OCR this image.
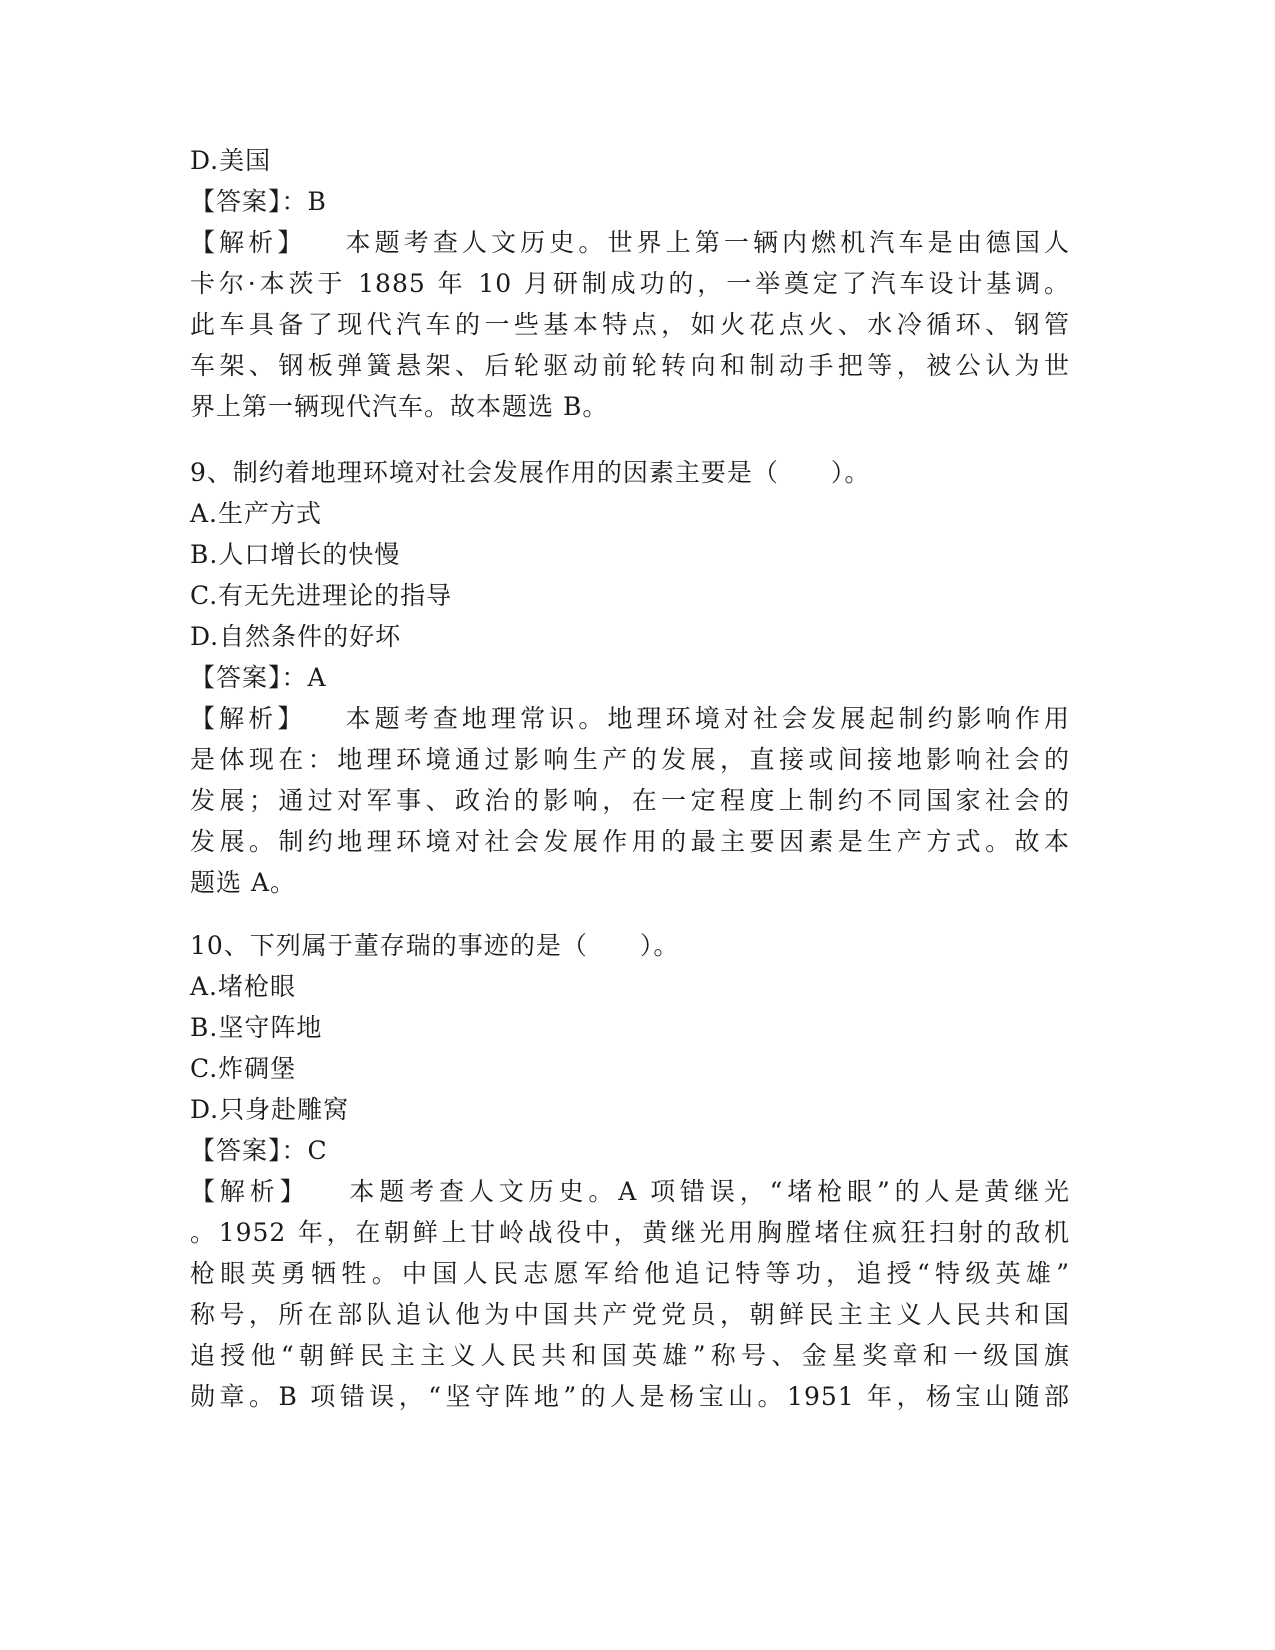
D.美国
【答案】：B
【解析】 本题考查人文历史。世界上第一辆内燃机汽车是由德国人
卡尔·本茨于 1885 年 10 月研制成功的，一举奠定了汽车设计基调。
此车具备了现代汽车的一些基本特点，如火花点火、水冷循环、钢管
车架、钢板弹簧悬架、后轮驱动前轮转向和制动手把等，被公认为世
界上第一辆现代汽车。故本题选 B。
9、制约着地理环境对社会发展作用的因素主要是（　　）。
A.生产方式
B.人口增长的快慢
C.有无先进理论的指导
D.自然条件的好坏
【答案】：A
【解析】 本题考查地理常识。地理环境对社会发展起制约影响作用
是体现在：地理环境通过影响生产的发展，直接或间接地影响社会的
发展；通过对军事、政治的影响，在一定程度上制约不同国家社会的
发展。制约地理环境对社会发展作用的最主要因素是生产方式。故本
题选 A。
10、下列属于董存瑞的事迹的是（　　）。
A.堵枪眼
B.坚守阵地
C.炸碉堡
D.只身赴雕窝
【答案】：C
【解析】 本题考查人文历史。A 项错误，“堵枪眼”的人是黄继光
。1952 年，在朝鲜上甘岭战役中，黄继光用胸膛堵住疯狂扫射的敌机
枪眼英勇牺牲。中国人民志愿军给他追记特等功，追授“特级英雄”
称号，所在部队追认他为中国共产党党员，朝鲜民主主义人民共和国
追授他“朝鲜民主主义人民共和国英雄”称号、金星奖章和一级国旗
勋章。B 项错误，“坚守阵地”的人是杨宝山。1951 年，杨宝山随部
